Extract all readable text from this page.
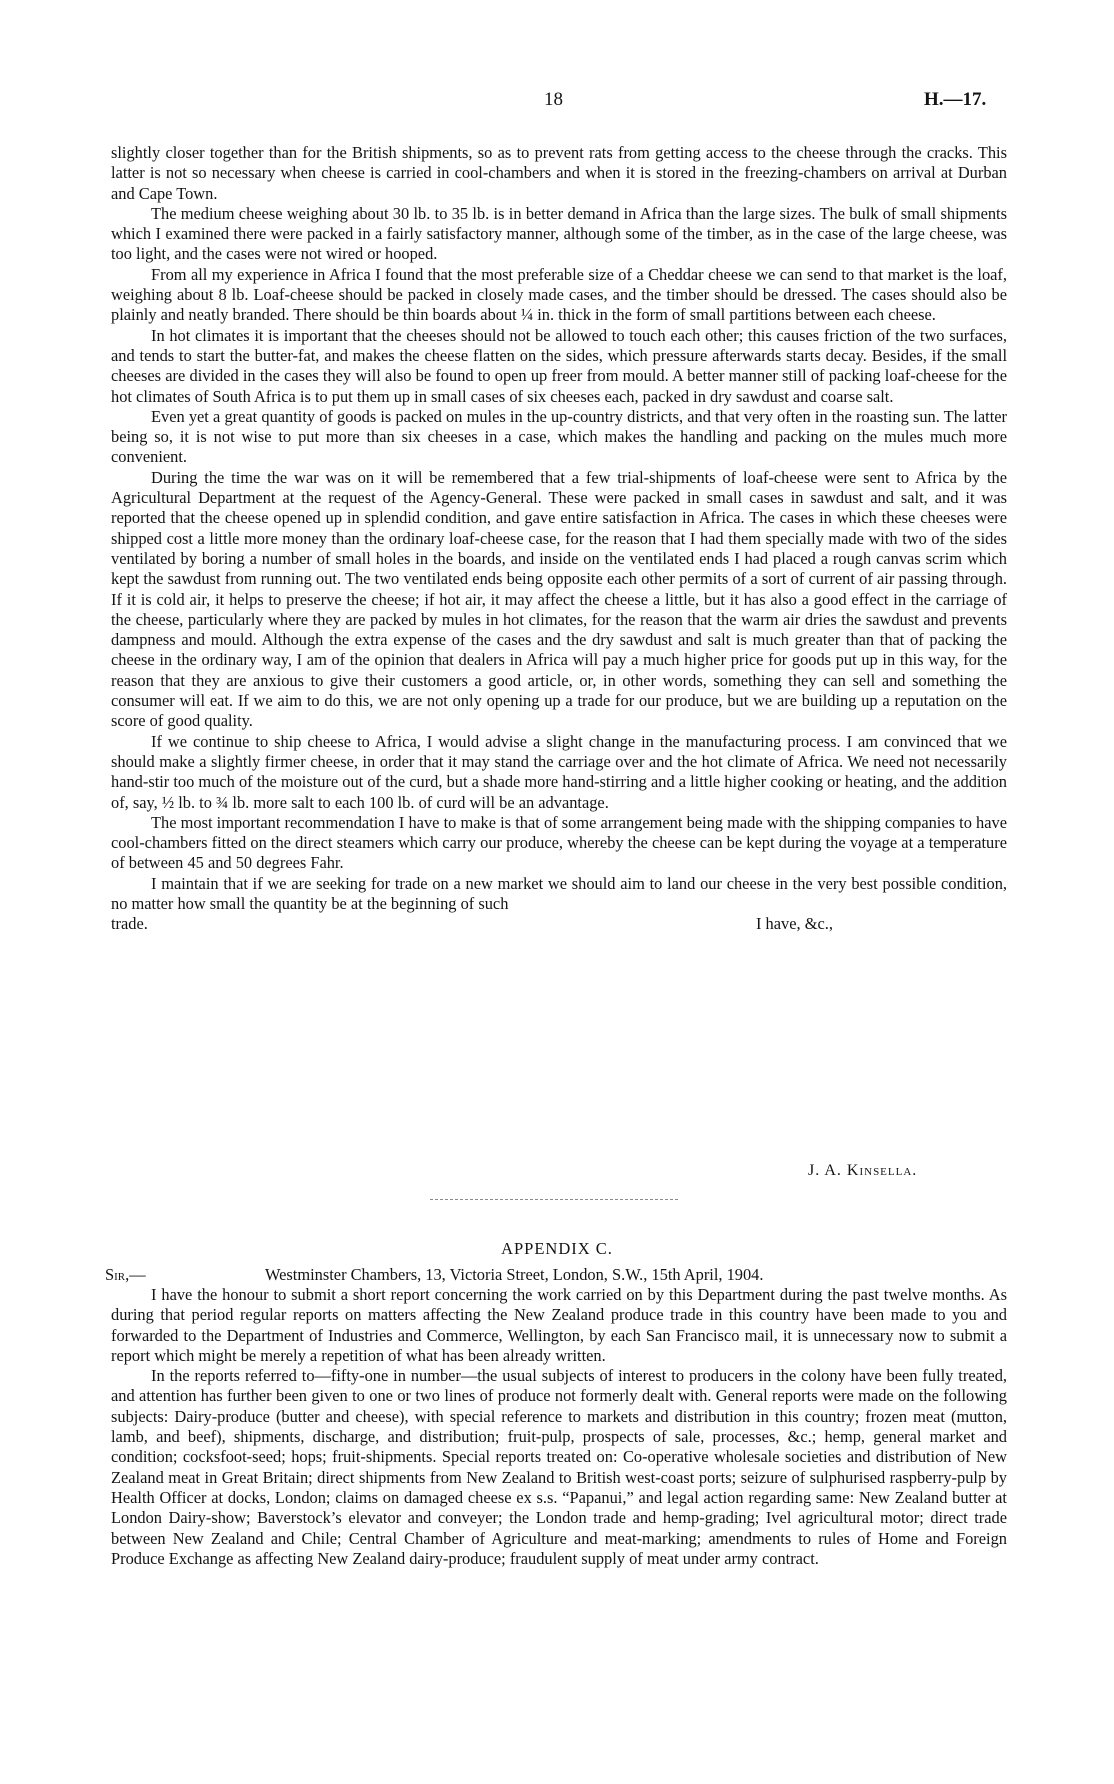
18	H.—17.

slightly closer together than for the British shipments, so as to prevent rats from getting access to the cheese through the cracks. This latter is not so necessary when cheese is carried in cool-chambers and when it is stored in the freezing-chambers on arrival at Durban and Cape Town.

The medium cheese weighing about 30 lb. to 35 lb. is in better demand in Africa than the large sizes. The bulk of small shipments which I examined there were packed in a fairly satisfactory manner, although some of the timber, as in the case of the large cheese, was too light, and the cases were not wired or hooped.

From all my experience in Africa I found that the most preferable size of a Cheddar cheese we can send to that market is the loaf, weighing about 8 lb. Loaf-cheese should be packed in closely made cases, and the timber should be dressed. The cases should also be plainly and neatly branded. There should be thin boards about ¼ in. thick in the form of small partitions between each cheese.

In hot climates it is important that the cheeses should not be allowed to touch each other; this causes friction of the two surfaces, and tends to start the butter-fat, and makes the cheese flatten on the sides, which pressure afterwards starts decay. Besides, if the small cheeses are divided in the cases they will also be found to open up freer from mould. A better manner still of packing loaf-cheese for the hot climates of South Africa is to put them up in small cases of six cheeses each, packed in dry sawdust and coarse salt.

Even yet a great quantity of goods is packed on mules in the up-country districts, and that very often in the roasting sun. The latter being so, it is not wise to put more than six cheeses in a case, which makes the handling and packing on the mules much more convenient.

During the time the war was on it will be remembered that a few trial-shipments of loaf-cheese were sent to Africa by the Agricultural Department at the request of the Agency-General. These were packed in small cases in sawdust and salt, and it was reported that the cheese opened up in splendid condition, and gave entire satisfaction in Africa. The cases in which these cheeses were shipped cost a little more money than the ordinary loaf-cheese case, for the reason that I had them specially made with two of the sides ventilated by boring a number of small holes in the boards, and inside on the ventilated ends I had placed a rough canvas scrim which kept the sawdust from running out. The two ventilated ends being opposite each other permits of a sort of current of air passing through. If it is cold air, it helps to preserve the cheese; if hot air, it may affect the cheese a little, but it has also a good effect in the carriage of the cheese, particularly where they are packed by mules in hot climates, for the reason that the warm air dries the sawdust and prevents dampness and mould. Although the extra expense of the cases and the dry sawdust and salt is much greater than that of packing the cheese in the ordinary way, I am of the opinion that dealers in Africa will pay a much higher price for goods put up in this way, for the reason that they are anxious to give their customers a good article, or, in other words, something they can sell and something the consumer will eat. If we aim to do this, we are not only opening up a trade for our produce, but we are building up a reputation on the score of good quality.

If we continue to ship cheese to Africa, I would advise a slight change in the manufacturing process. I am convinced that we should make a slightly firmer cheese, in order that it may stand the carriage over and the hot climate of Africa. We need not necessarily hand-stir too much of the moisture out of the curd, but a shade more hand-stirring and a little higher cooking or heating, and the addition of, say, ½ lb. to ¾ lb. more salt to each 100 lb. of curd will be an advantage.

The most important recommendation I have to make is that of some arrangement being made with the shipping companies to have cool-chambers fitted on the direct steamers which carry our produce, whereby the cheese can be kept during the voyage at a temperature of between 45 and 50 degrees Fahr.

I maintain that if we are seeking for trade on a new market we should aim to land our cheese in the very best possible condition, no matter how small the quantity be at the beginning of such

trade.	I have, &c.,
J. A. Kinsella.
APPENDIX C.
Sir,—	Westminster Chambers, 13, Victoria Street, London, S.W., 15th April, 1904.

I have the honour to submit a short report concerning the work carried on by this Department during the past twelve months. As during that period regular reports on matters affecting the New Zealand produce trade in this country have been made to you and forwarded to the Department of Industries and Commerce, Wellington, by each San Francisco mail, it is unnecessary now to submit a report which might be merely a repetition of what has been already written.

In the reports referred to—fifty-one in number—the usual subjects of interest to producers in the colony have been fully treated, and attention has further been given to one or two lines of produce not formerly dealt with. General reports were made on the following subjects: Dairy-produce (butter and cheese), with special reference to markets and distribution in this country; frozen meat (mutton, lamb, and beef), shipments, discharge, and distribution; fruit-pulp, prospects of sale, processes, &c.; hemp, general market and condition; cocksfoot-seed; hops; fruit-shipments. Special reports treated on: Co-operative wholesale societies and distribution of New Zealand meat in Great Britain; direct shipments from New Zealand to British west-coast ports; seizure of sulphurised raspberry-pulp by Health Officer at docks, London; claims on damaged cheese ex s.s. “Papanui,” and legal action regarding same: New Zealand butter at London Dairy-show; Baverstock’s elevator and conveyer; the London trade and hemp-grading; Ivel agricultural motor; direct trade between New Zealand and Chile; Central Chamber of Agriculture and meat-marking; amendments to rules of Home and Foreign Produce Exchange as affecting New Zealand dairy-produce; fraudulent supply of meat under army contract.
